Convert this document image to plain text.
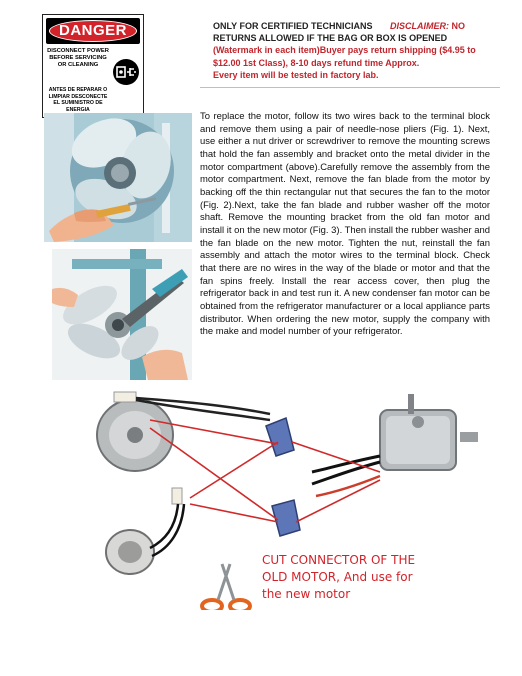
DANGER
DISCONNECT POWER BEFORE SERVICING OR CLEANING
ANTES DE REPARAR O LIMPIAR DESCONECTE EL SUMINISTRO DE ENERGIA
ONLY FOR CERTIFIED TECHNICIANS DISCLAIMER: NO
RETURNS ALLOWED IF THE BAG OR BOX IS OPENED
(Watermark in each item)Buyer pays return shipping ($4.95 to
$12.00 1st Class), 8-10 days refund time Approx.
Every item will be tested in factory lab.
To replace the motor, follow its two wires back to the terminal block and remove them using a pair of needle-nose pliers (Fig. 1). Next, use either a nut driver or screwdriver to remove the mounting screws that hold the fan assembly and bracket onto the metal divider in the motor compartment (above).Carefully remove the assembly from the motor compartment. Next, remove the fan blade from the motor by backing off the thin rectangular nut that secures the fan to the motor (Fig. 2).Next, take the fan blade and rubber washer off the motor shaft. Remove the mounting bracket from the old fan motor and install it on the new motor (Fig. 3). Then install the rubber washer and the fan blade on the new motor. Tighten the nut, reinstall the fan assembly and attach the motor wires to the terminal block. Check that there are no wires in the way of the blade or motor and that the fan spins freely. Install the rear access cover, then plug the refrigerator back in and test run it. A new condenser fan motor can be obtained from the refrigerator manufacturer or a local appliance parts distributor. When ordering the new motor, supply the company with the make and model number of your refrigerator.
CUT CONNECTOR OF THE
OLD MOTOR, And use for
the new motor
